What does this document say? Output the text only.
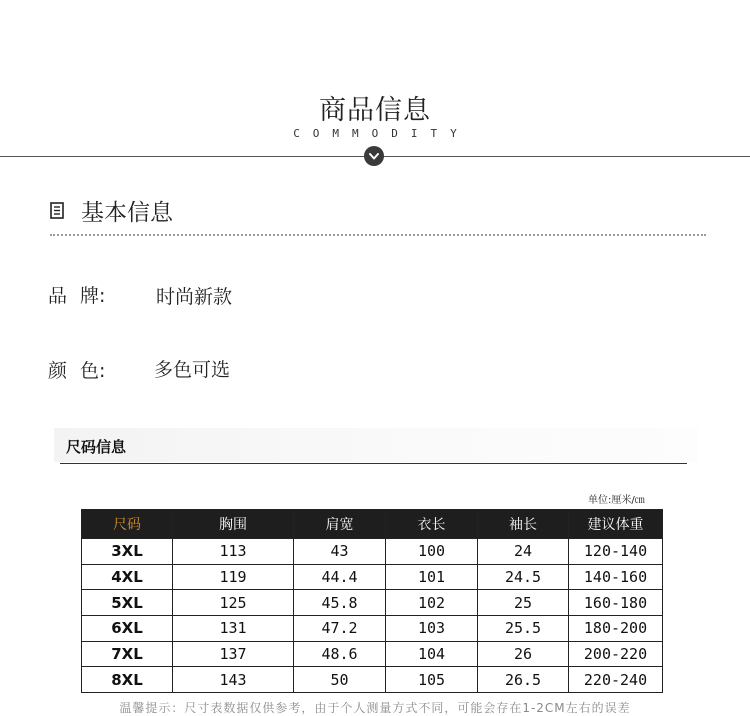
商品信息
COMMODITY
基本信息
品 牌:	时尚新款
颜 色:	多色可选
尺码信息
单位:厘米/㎝
尺码	胸围	肩宽	衣长	袖长	建议体重
3XL	113	43	100	24	120-140
4XL	119	44.4	101	24.5	140-160
5XL	125	45.8	102	25	160-180
6XL	131	47.2	103	25.5	180-200
7XL	137	48.6	104	26	200-220
8XL	143	50	105	26.5	220-240
温馨提示：尺寸表数据仅供参考，由于个人测量方式不同，可能会存在1-2CM左右的误差
